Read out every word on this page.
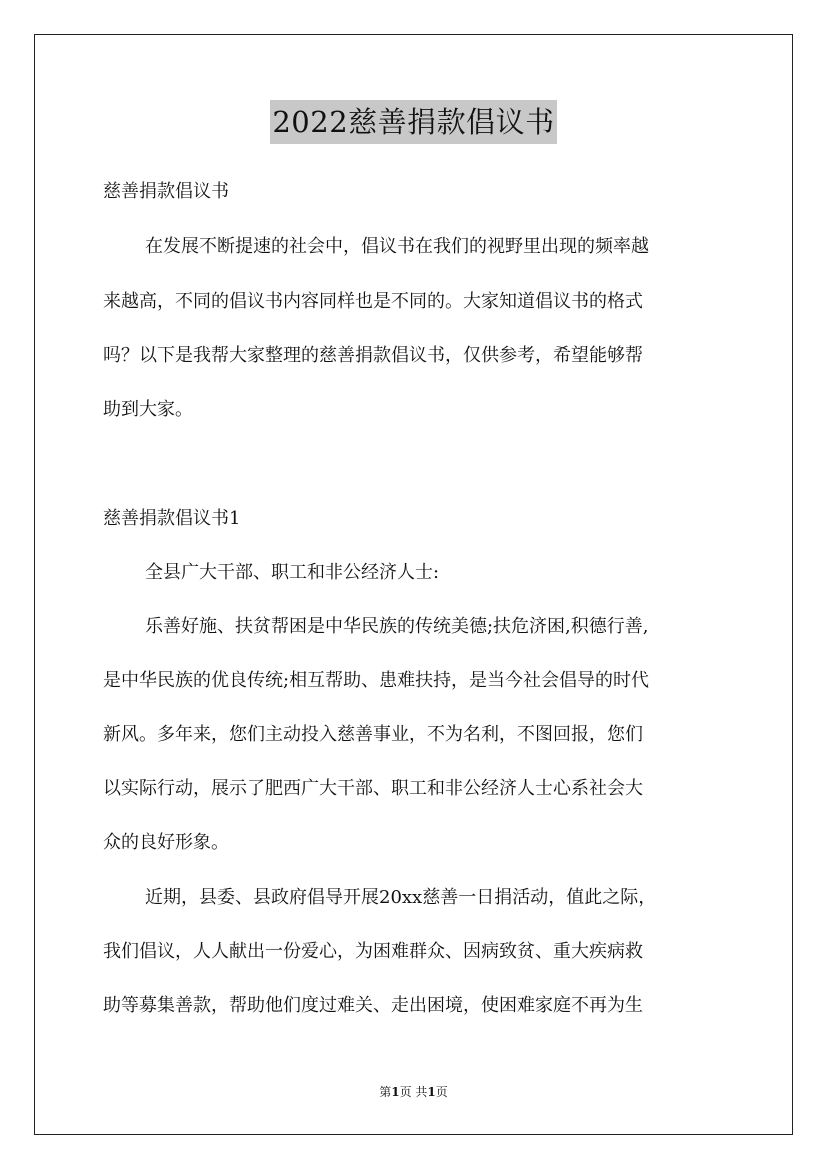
2022慈善捐款倡议书
慈善捐款倡议书
在发展不断提速的社会中，倡议书在我们的视野里出现的频率越
来越高，不同的倡议书内容同样也是不同的。大家知道倡议书的格式
吗？以下是我帮大家整理的慈善捐款倡议书，仅供参考，希望能够帮
助到大家。
慈善捐款倡议书1
全县广大干部、职工和非公经济人士:
乐善好施、扶贫帮困是中华民族的传统美德;扶危济困,积德行善,
是中华民族的优良传统;相互帮助、患难扶持，是当今社会倡导的时代
新风。多年来，您们主动投入慈善事业，不为名利，不图回报，您们
以实际行动，展示了肥西广大干部、职工和非公经济人士心系社会大
众的良好形象。
近期，县委、县政府倡导开展20xx慈善一日捐活动，值此之际，
我们倡议，人人献出一份爱心，为困难群众、因病致贫、重大疾病救
助等募集善款，帮助他们度过难关、走出困境，使困难家庭不再为生
第1页 共1页
